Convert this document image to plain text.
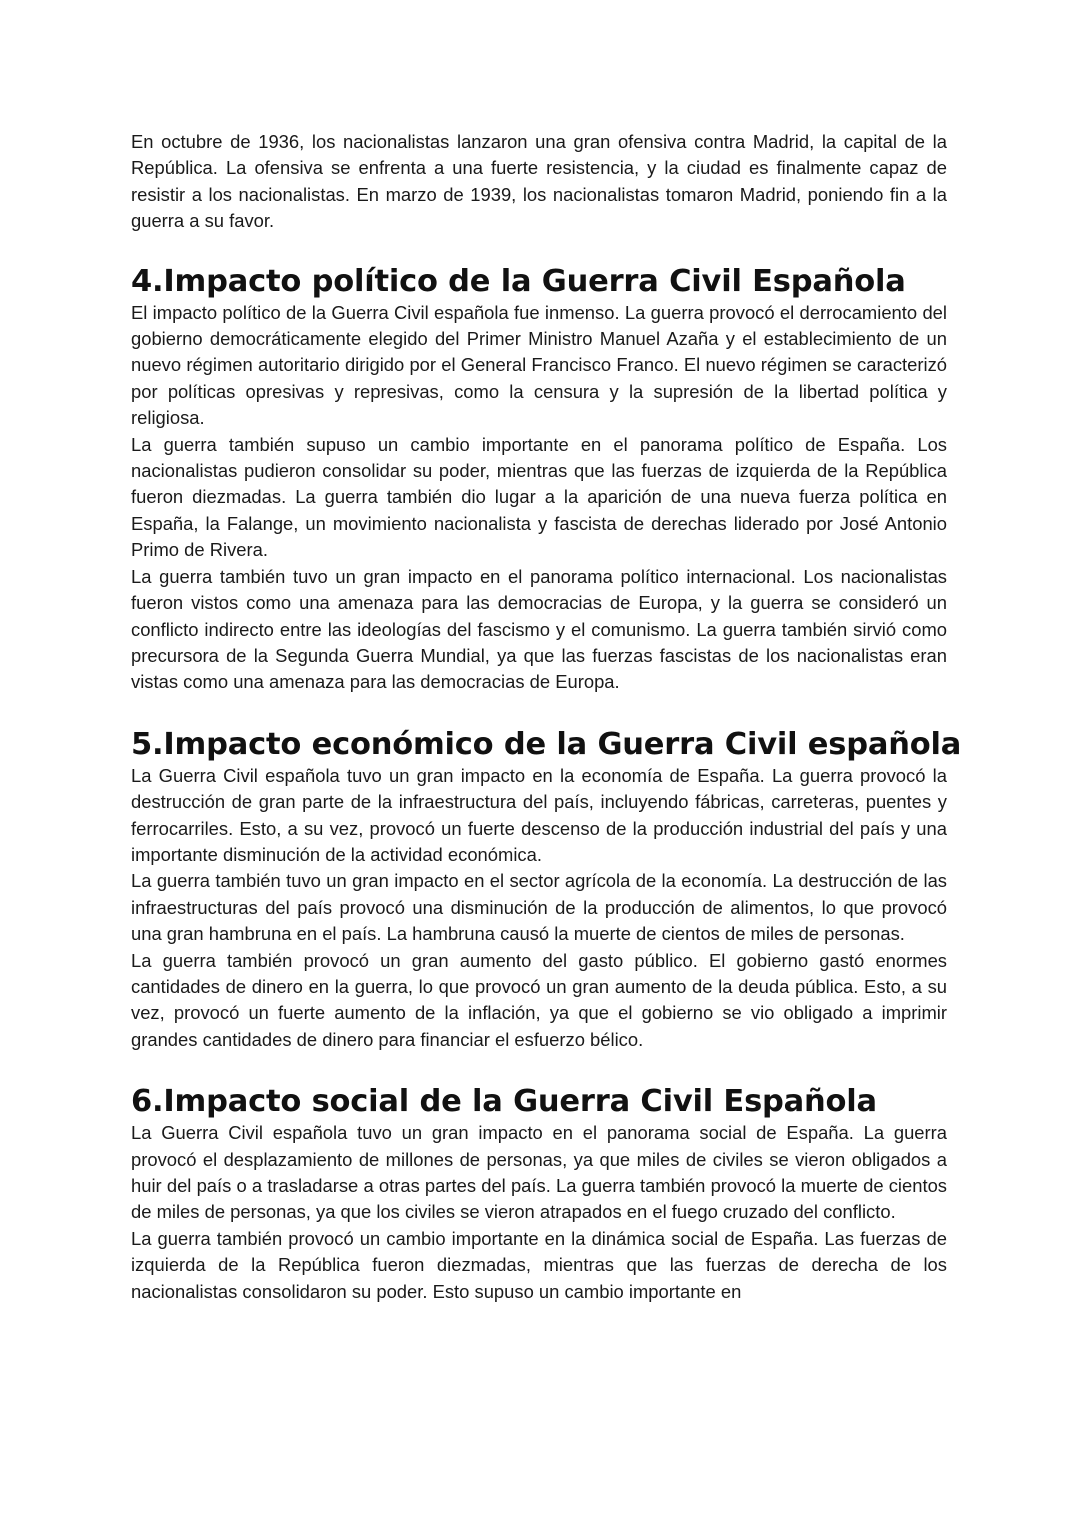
En octubre de 1936, los nacionalistas lanzaron una gran ofensiva contra Madrid, la capital de la República. La ofensiva se enfrenta a una fuerte resistencia, y la ciudad es finalmente capaz de resistir a los nacionalistas. En marzo de 1939, los nacionalistas tomaron Madrid, poniendo fin a la guerra a su favor.

4.Impacto político de la Guerra Civil Española

El impacto político de la Guerra Civil española fue inmenso. La guerra provocó el derrocamiento del gobierno democráticamente elegido del Primer Ministro Manuel Azaña y el establecimiento de un nuevo régimen autoritario dirigido por el General Francisco Franco. El nuevo régimen se caracterizó por políticas opresivas y represivas, como la censura y la supresión de la libertad política y religiosa.

La guerra también supuso un cambio importante en el panorama político de España. Los nacionalistas pudieron consolidar su poder, mientras que las fuerzas de izquierda de la República fueron diezmadas. La guerra también dio lugar a la aparición de una nueva fuerza política en España, la Falange, un movimiento nacionalista y fascista de derechas liderado por José Antonio Primo de Rivera.

La guerra también tuvo un gran impacto en el panorama político internacional. Los nacionalistas fueron vistos como una amenaza para las democracias de Europa, y la guerra se consideró un conflicto indirecto entre las ideologías del fascismo y el comunismo. La guerra también sirvió como precursora de la Segunda Guerra Mundial, ya que las fuerzas fascistas de los nacionalistas eran vistas como una amenaza para las democracias de Europa.

5.Impacto económico de la Guerra Civil española

La Guerra Civil española tuvo un gran impacto en la economía de España. La guerra provocó la destrucción de gran parte de la infraestructura del país, incluyendo fábricas, carreteras, puentes y ferrocarriles. Esto, a su vez, provocó un fuerte descenso de la producción industrial del país y una importante disminución de la actividad económica.

La guerra también tuvo un gran impacto en el sector agrícola de la economía. La destrucción de las infraestructuras del país provocó una disminución de la producción de alimentos, lo que provocó una gran hambruna en el país. La hambruna causó la muerte de cientos de miles de personas.

La guerra también provocó un gran aumento del gasto público. El gobierno gastó enormes cantidades de dinero en la guerra, lo que provocó un gran aumento de la deuda pública. Esto, a su vez, provocó un fuerte aumento de la inflación, ya que el gobierno se vio obligado a imprimir grandes cantidades de dinero para financiar el esfuerzo bélico.

6.Impacto social de la Guerra Civil Española

La Guerra Civil española tuvo un gran impacto en el panorama social de España. La guerra provocó el desplazamiento de millones de personas, ya que miles de civiles se vieron obligados a huir del país o a trasladarse a otras partes del país. La guerra también provocó la muerte de cientos de miles de personas, ya que los civiles se vieron atrapados en el fuego cruzado del conflicto.

La guerra también provocó un cambio importante en la dinámica social de España. Las fuerzas de izquierda de la República fueron diezmadas, mientras que las fuerzas de derecha de los nacionalistas consolidaron su poder. Esto supuso un cambio importante en
